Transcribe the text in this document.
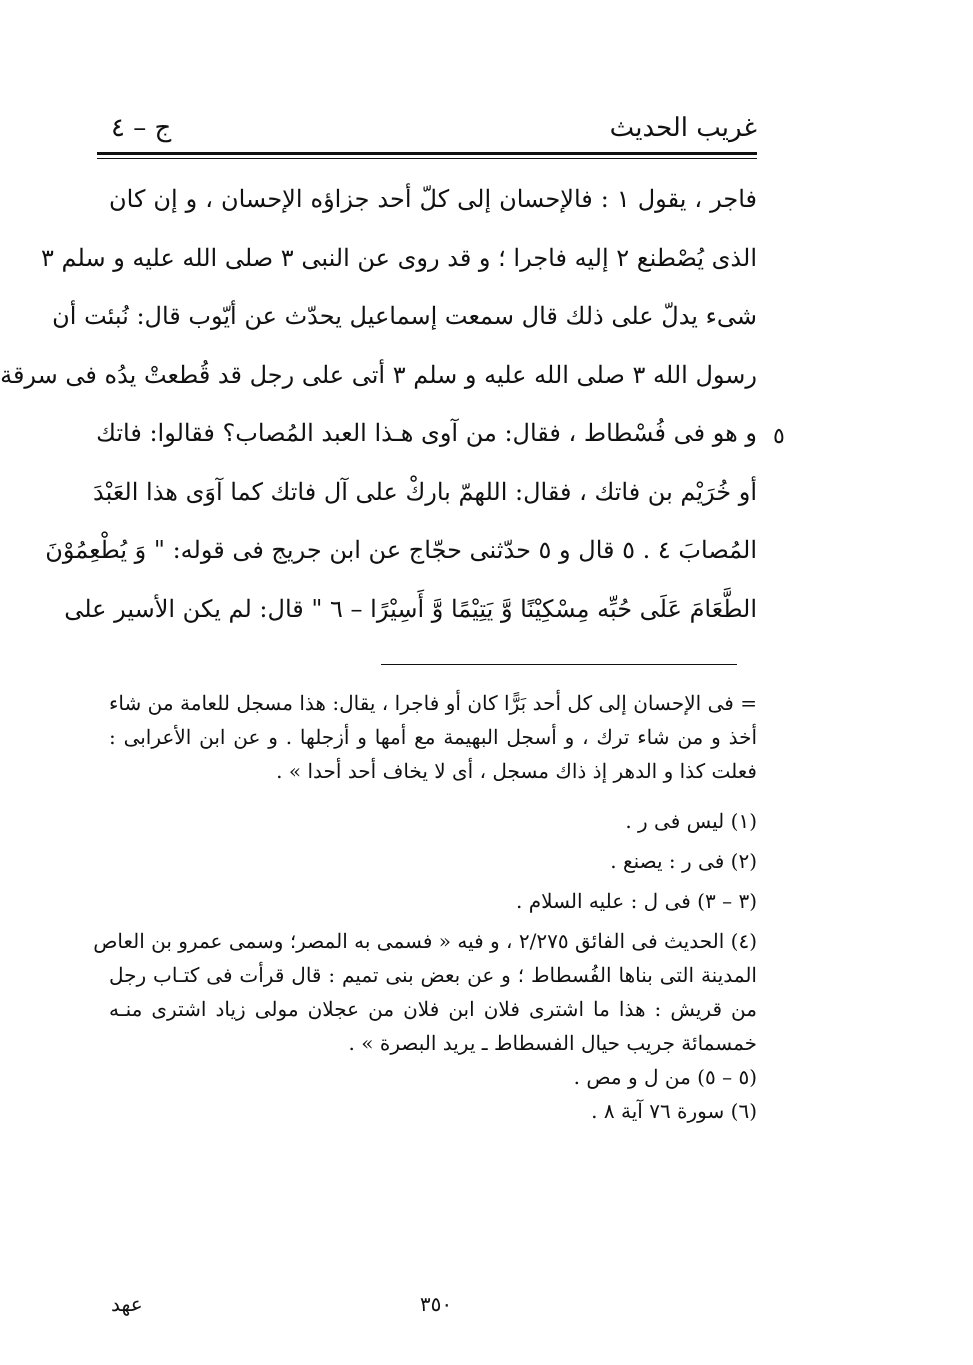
غريب الحديث
ج – ٤
٥
فاجر ، يقول ١ : فالإحسان إلى كلّ أحد جزاؤه الإحسان ، و إن كان
الذى يُصْطنع ٢ إليه فاجرا ؛ و قد روى عن النبى ٣ صلى الله عليه و سلم ٣
شىء يدلّ على ذلك قال سمعت إسماعيل يحدّث عن أيّوب قال: نُبئت أن
رسول الله ٣ صلى الله عليه و سلم ٣ أتى على رجل قد قُطعتْ يدُه فى سرقة
و هو فى فُسْطاط ، فقال: من آوى هـذا العبد المُصاب؟ فقالوا: فاتك
أو خُرَيْم بن فاتك ، فقال: اللهمّ باركْ على آل فاتك كما آوَى هذا العَبْدَ
المُصابَ ٤ . ٥ قال و ٥ حدّثنى حجّاج عن ابن جريج فى قوله: " وَ يُطْعِمُوْنَ
الطَّعَامَ عَلَى حُبِّه مِسْكِيْنًا وَّ يَتِيْمًا وَّ أَسِيْرًا – ٦ " قال: لم يكن الأسير على
= فى الإحسان إلى كل أحد بَرًّا كان أو فاجرا ، يقال: هذا مسجل للعامة من شاء
أخذ و من شاء ترك ، و أسجل البهيمة مع أمها و أزجلها . و عن ابن الأعرابى :
فعلت كذا و الدهر إذ ذاك مسجل ، أى لا يخاف أحد أحدا » .
(١) ليس فى ر .
(٢) فى ر : يصنع .
(٣ – ٣) فى ل : عليه السلام .
(٤) الحديث فى الفائق ٢/٢٧٥ ، و فيه « فسمى به المصر؛ وسمى عمرو بن العاص
المدينة التى بناها الفُسطاط ؛ و عن بعض بنى تميم : قال قرأت فى كتـاب رجل
من قريش : هذا ما اشترى فلان ابن فلان من عجلان مولى زياد اشترى منـه
خمسمائة جريب حيال الفسطاط ـ يريد البصرة » .
(٥ – ٥) من ل و مص .
(٦) سورة ٧٦ آية ٨ .
٣٥٠
عهد
